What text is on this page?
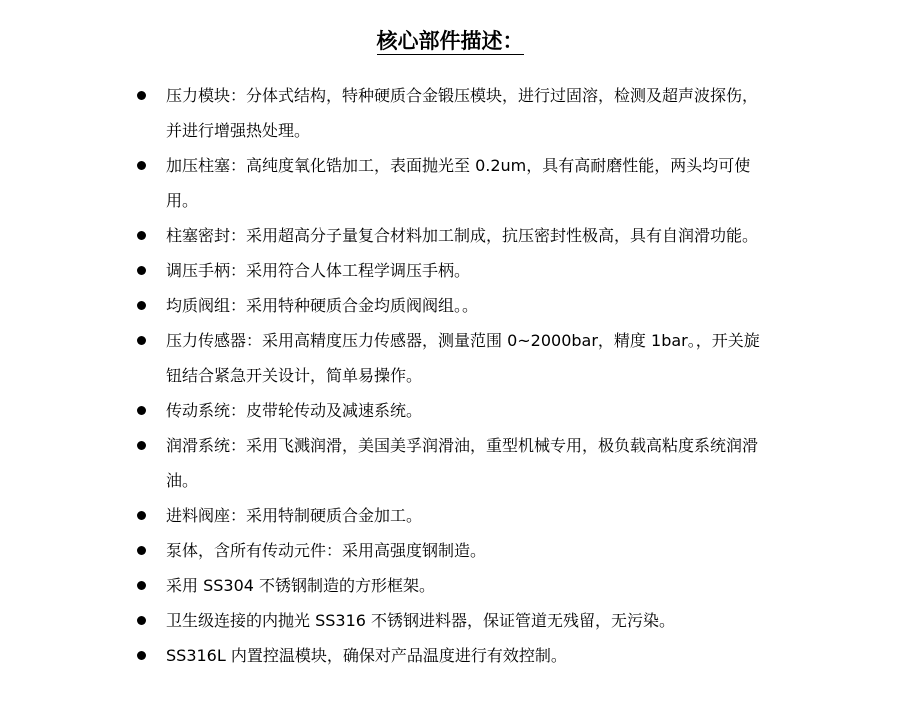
核心部件描述：
压力模块：分体式结构，特种硬质合金锻压模块，进行过固溶，检测及超声波探伤，并进行增强热处理。
加压柱塞：高纯度氧化锆加工，表面抛光至 0.2um，具有高耐磨性能，两头均可使用。
柱塞密封：采用超高分子量复合材料加工制成，抗压密封性极高，具有自润滑功能。
调压手柄：采用符合人体工程学调压手柄。
均质阀组：采用特种硬质合金均质阀阀组。。
压力传感器：采用高精度压力传感器，测量范围 0~2000bar，精度 1bar。，开关旋钮结合紧急开关设计，简单易操作。
传动系统：皮带轮传动及减速系统。
润滑系统：采用飞溅润滑，美国美孚润滑油，重型机械专用，极负载高粘度系统润滑油。
进料阀座：采用特制硬质合金加工。
泵体，含所有传动元件：采用高强度钢制造。
采用 SS304 不锈钢制造的方形框架。
卫生级连接的内抛光 SS316 不锈钢进料器，保证管道无残留，无污染。
SS316L 内置控温模块，确保对产品温度进行有效控制。
